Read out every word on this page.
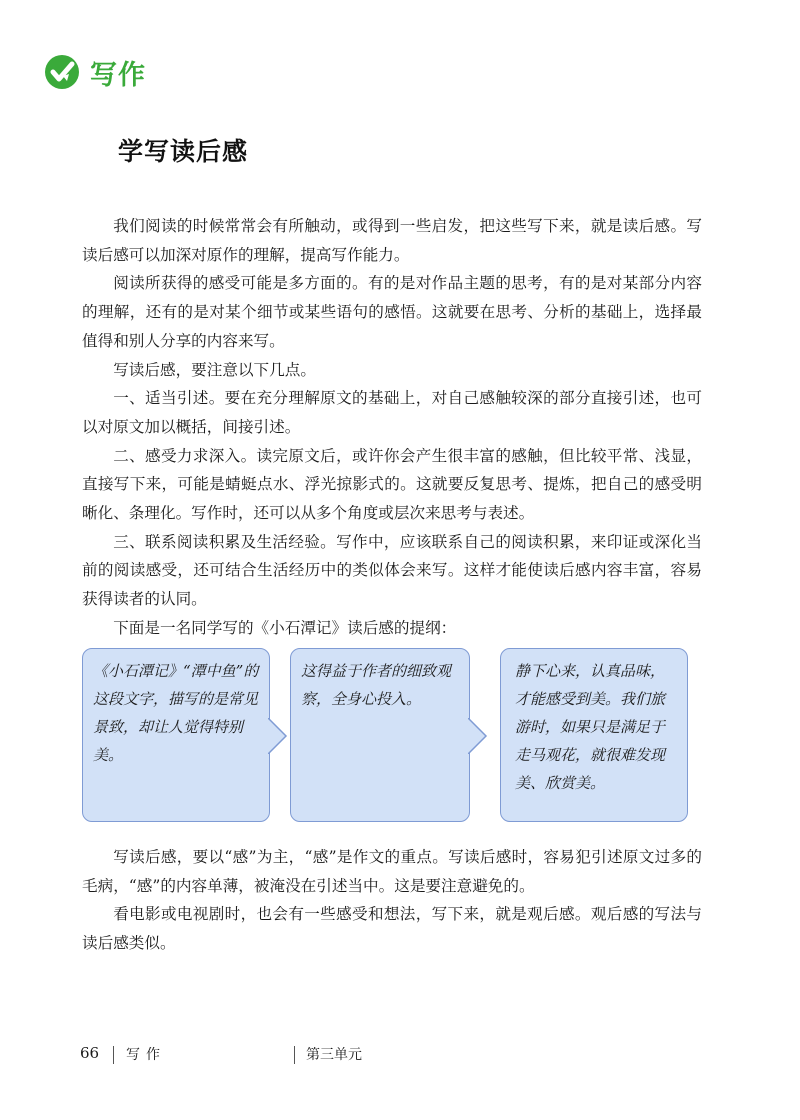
写作
学写读后感

我们阅读的时候常常会有所触动，或得到一些启发，把这些写下来，就是读后感。写读后感可以加深对原作的理解，提高写作能力。

阅读所获得的感受可能是多方面的。有的是对作品主题的思考，有的是对某部分内容的理解，还有的是对某个细节或某些语句的感悟。这就要在思考、分析的基础上，选择最值得和别人分享的内容来写。

写读后感，要注意以下几点。

一、适当引述。要在充分理解原文的基础上，对自己感触较深的部分直接引述，也可以对原文加以概括，间接引述。

二、感受力求深入。读完原文后，或许你会产生很丰富的感触，但比较平常、浅显，直接写下来，可能是蜻蜓点水、浮光掠影式的。这就要反复思考、提炼，把自己的感受明晰化、条理化。写作时，还可以从多个角度或层次来思考与表述。

三、联系阅读积累及生活经验。写作中，应该联系自己的阅读积累，来印证或深化当前的阅读感受，还可结合生活经历中的类似体会来写。这样才能使读后感内容丰富，容易获得读者的认同。

下面是一名同学写的《小石潭记》读后感的提纲：

《小石潭记》“潭中鱼”的这段文字，描写的是常见景致，却让人觉得特别美。
这得益于作者的细致观察，全身心投入。
静下心来，认真品味，才能感受到美。我们旅游时，如果只是满足于走马观花，就很难发现美、欣赏美。

写读后感，要以“感”为主，“感”是作文的重点。写读后感时，容易犯引述原文过多的毛病，“感”的内容单薄，被淹没在引述当中。这是要注意避免的。

看电影或电视剧时，也会有一些感受和想法，写下来，就是观后感。观后感的写法与读后感类似。

66 写作	第三单元
